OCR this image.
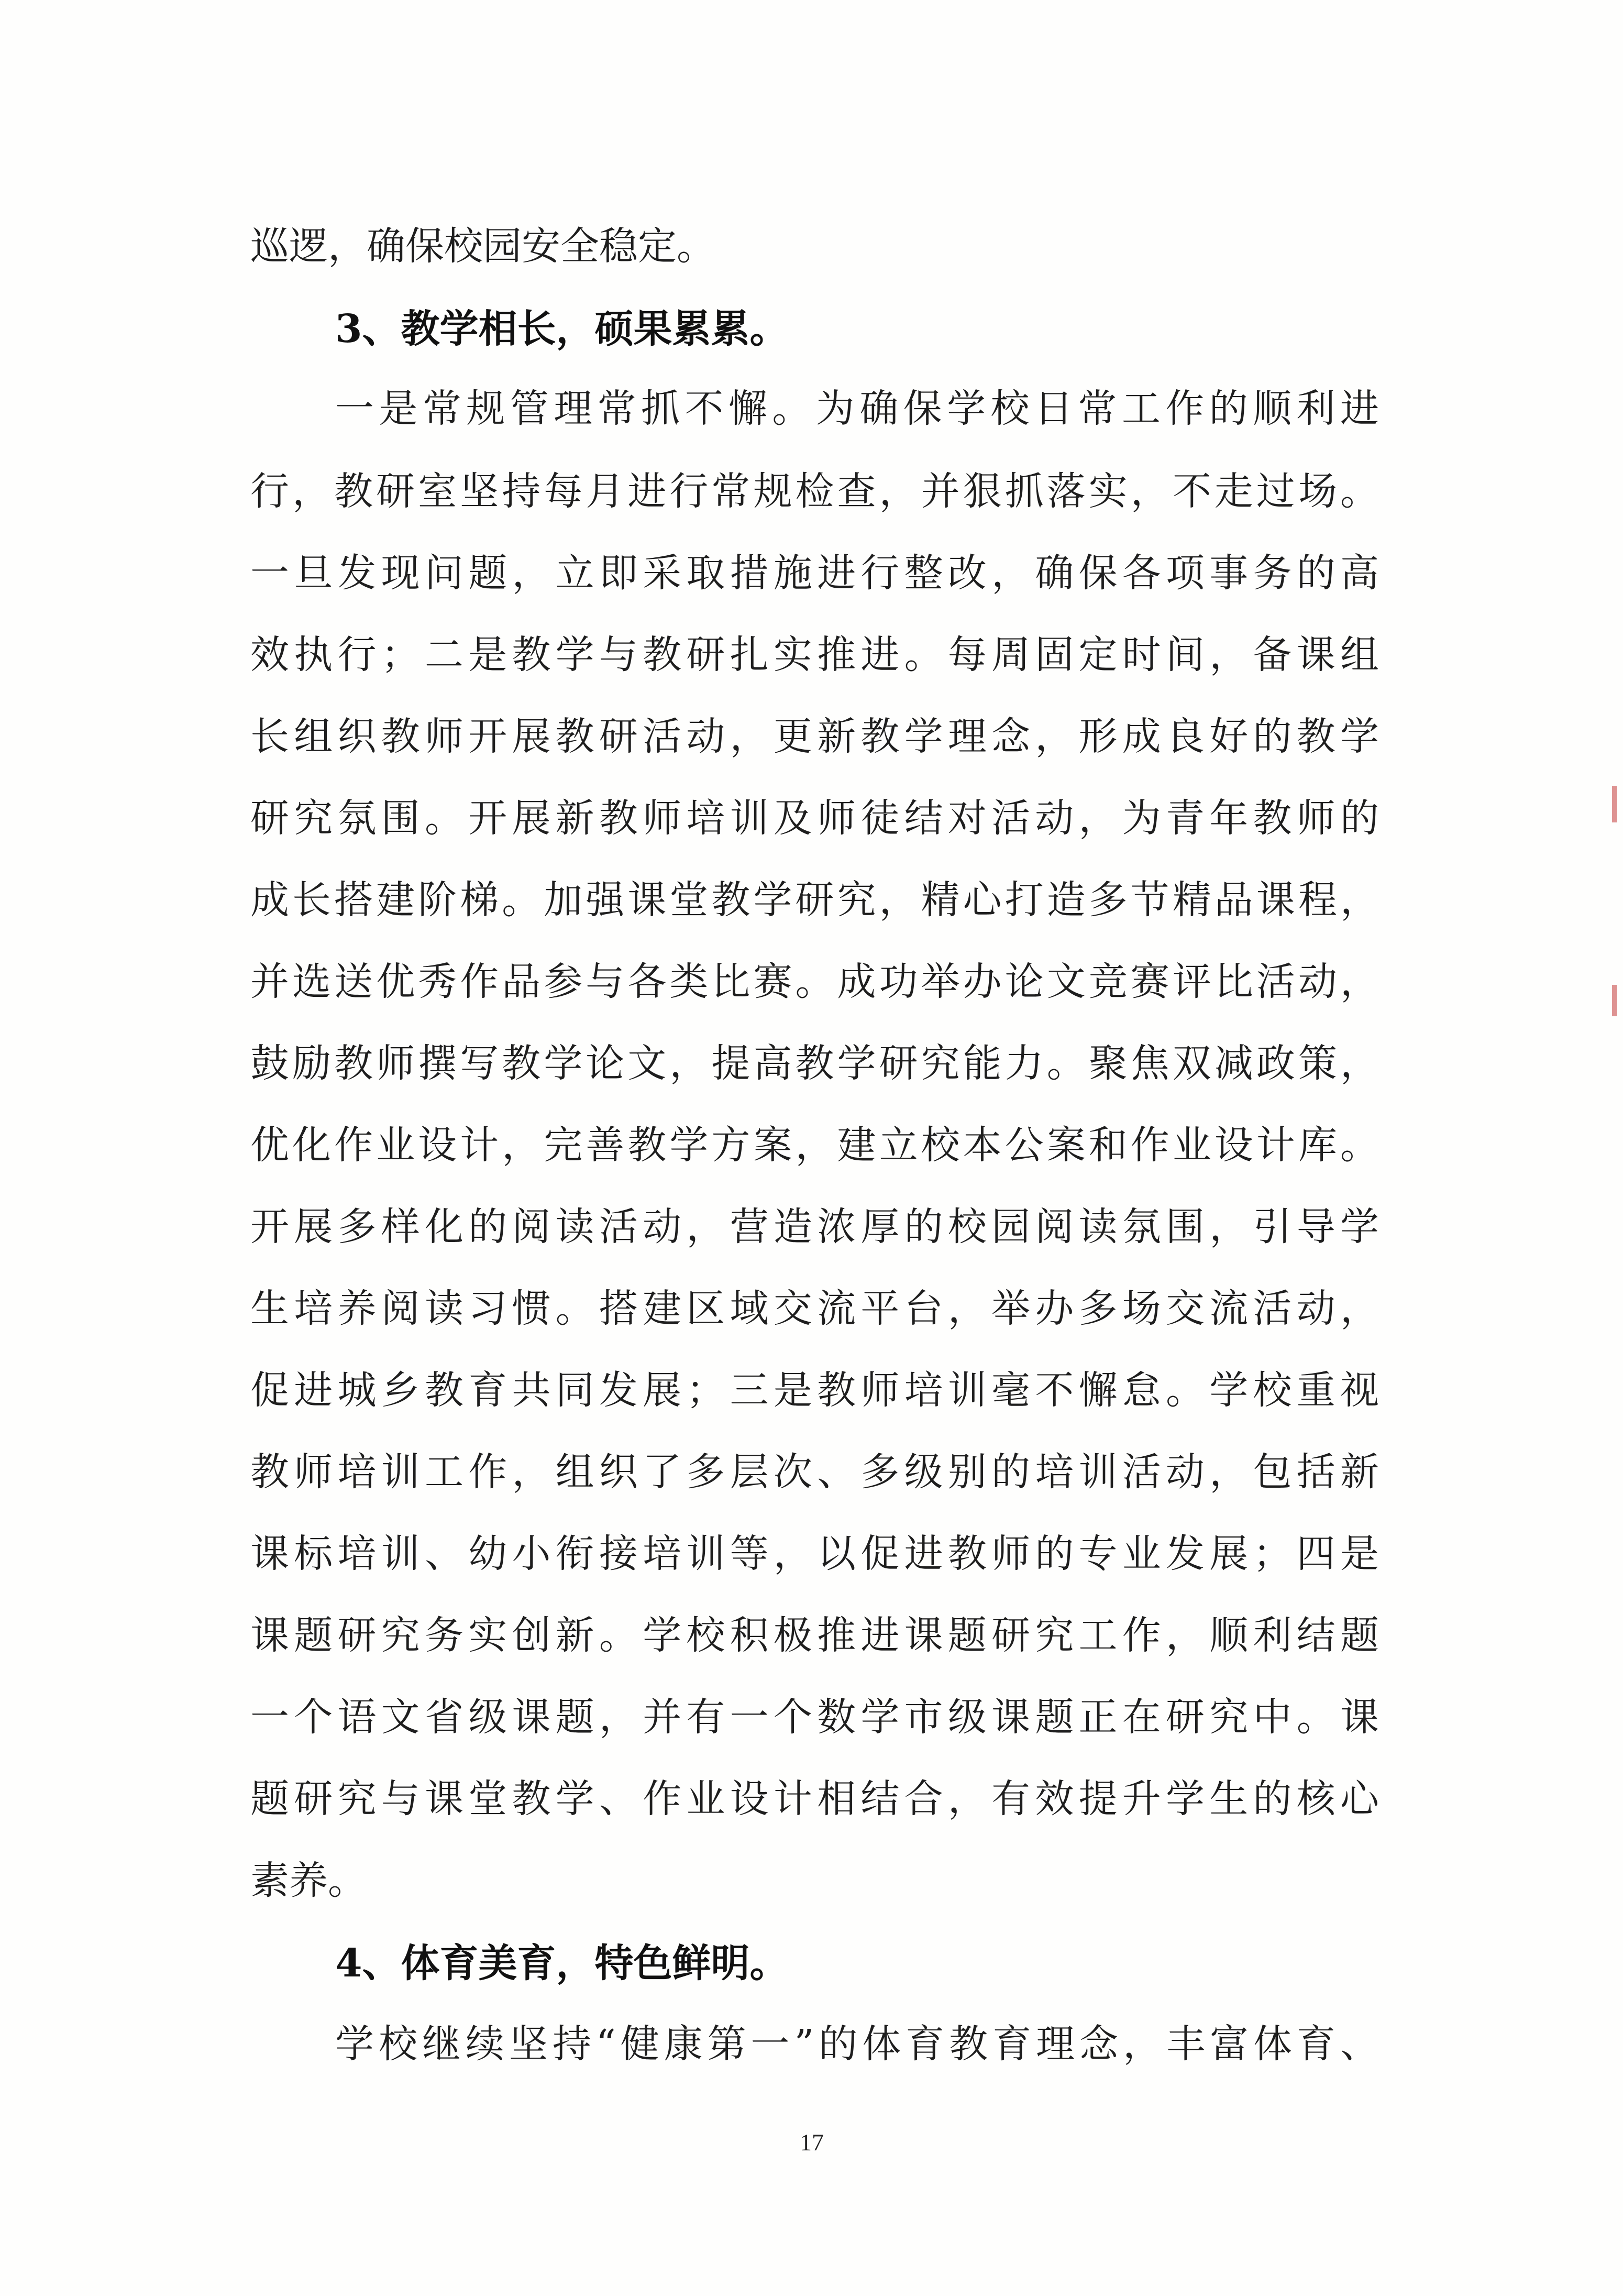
巡逻，确保校园安全稳定。
3、教学相长，硕果累累。
一是常规管理常抓不懈。为确保学校日常工作的顺利进
行，教研室坚持每月进行常规检查，并狠抓落实，不走过场。
一旦发现问题，立即采取措施进行整改，确保各项事务的高
效执行；二是教学与教研扎实推进。每周固定时间，备课组
长组织教师开展教研活动，更新教学理念，形成良好的教学
研究氛围。开展新教师培训及师徒结对活动，为青年教师的
成长搭建阶梯。加强课堂教学研究，精心打造多节精品课程，
并选送优秀作品参与各类比赛。成功举办论文竞赛评比活动，
鼓励教师撰写教学论文，提高教学研究能力。聚焦双减政策，
优化作业设计，完善教学方案，建立校本公案和作业设计库。
开展多样化的阅读活动，营造浓厚的校园阅读氛围，引导学
生培养阅读习惯。搭建区域交流平台，举办多场交流活动，
促进城乡教育共同发展；三是教师培训毫不懈怠。学校重视
教师培训工作，组织了多层次、多级别的培训活动，包括新
课标培训、幼小衔接培训等，以促进教师的专业发展；四是
课题研究务实创新。学校积极推进课题研究工作，顺利结题
一个语文省级课题，并有一个数学市级课题正在研究中。课
题研究与课堂教学、作业设计相结合，有效提升学生的核心
素养。
4、体育美育，特色鲜明。
学校继续坚持“健康第一”的体育教育理念，丰富体育、
17
